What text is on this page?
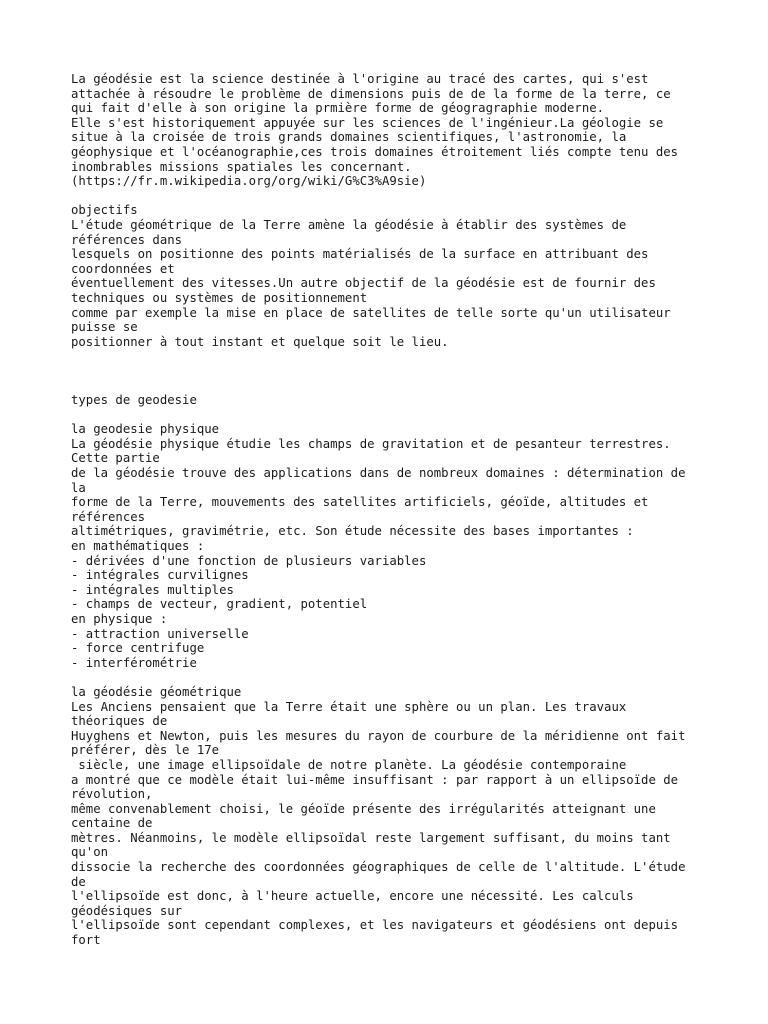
La géodésie est la science destinée à l'origine au tracé des cartes, qui s'est
attachée à résoudre le problème de dimensions puis de de la forme de la terre, ce
qui fait d'elle à son origine la prmière forme de géogragraphie moderne.
Elle s'est historiquement appuyée sur les sciences de l'ingénieur.La géologie se
situe à la croisée de trois grands domaines scientifiques, l'astronomie, la
géophysique et l'océanographie,ces trois domaines étroitement liés compte tenu des
inombrables missions spatiales les concernant.
(https://fr.m.wikipedia.org/org/wiki/G%C3%A9sie)
objectifs
L'étude géométrique de la Terre amène la géodésie à établir des systèmes de
références dans
lesquels on positionne des points matérialisés de la surface en attribuant des
coordonnées et
éventuellement des vitesses.Un autre objectif de la géodésie est de fournir des
techniques ou systèmes de positionnement
comme par exemple la mise en place de satellites de telle sorte qu'un utilisateur
puisse se
positionner à tout instant et quelque soit le lieu.
types de geodesie
la geodesie physique
La géodésie physique étudie les champs de gravitation et de pesanteur terrestres.
Cette partie
de la géodésie trouve des applications dans de nombreux domaines : détermination de
la
forme de la Terre, mouvements des satellites artificiels, géoïde, altitudes et
références
altimétriques, gravimétrie, etc. Son étude nécessite des bases importantes :
en mathématiques :
- dérivées d'une fonction de plusieurs variables
- intégrales curvilignes
- intégrales multiples
- champs de vecteur, gradient, potentiel
en physique :
- attraction universelle
- force centrifuge
- interférométrie
la géodésie géométrique
Les Anciens pensaient que la Terre était une sphère ou un plan. Les travaux
théoriques de
Huyghens et Newton, puis les mesures du rayon de courbure de la méridienne ont fait
préférer, dès le 17e
siècle, une image ellipsoïdale de notre planète. La géodésie contemporaine
a montré que ce modèle était lui-même insuffisant : par rapport à un ellipsoïde de
révolution,
même convenablement choisi, le géoïde présente des irrégularités atteignant une
centaine de
mètres. Néanmoins, le modèle ellipsoïdal reste largement suffisant, du moins tant
qu'on
dissocie la recherche des coordonnées géographiques de celle de l'altitude. L'étude
de
l'ellipsoïde est donc, à l'heure actuelle, encore une nécessité. Les calculs
géodésiques sur
l'ellipsoïde sont cependant complexes, et les navigateurs et géodésiens ont depuis
fort
